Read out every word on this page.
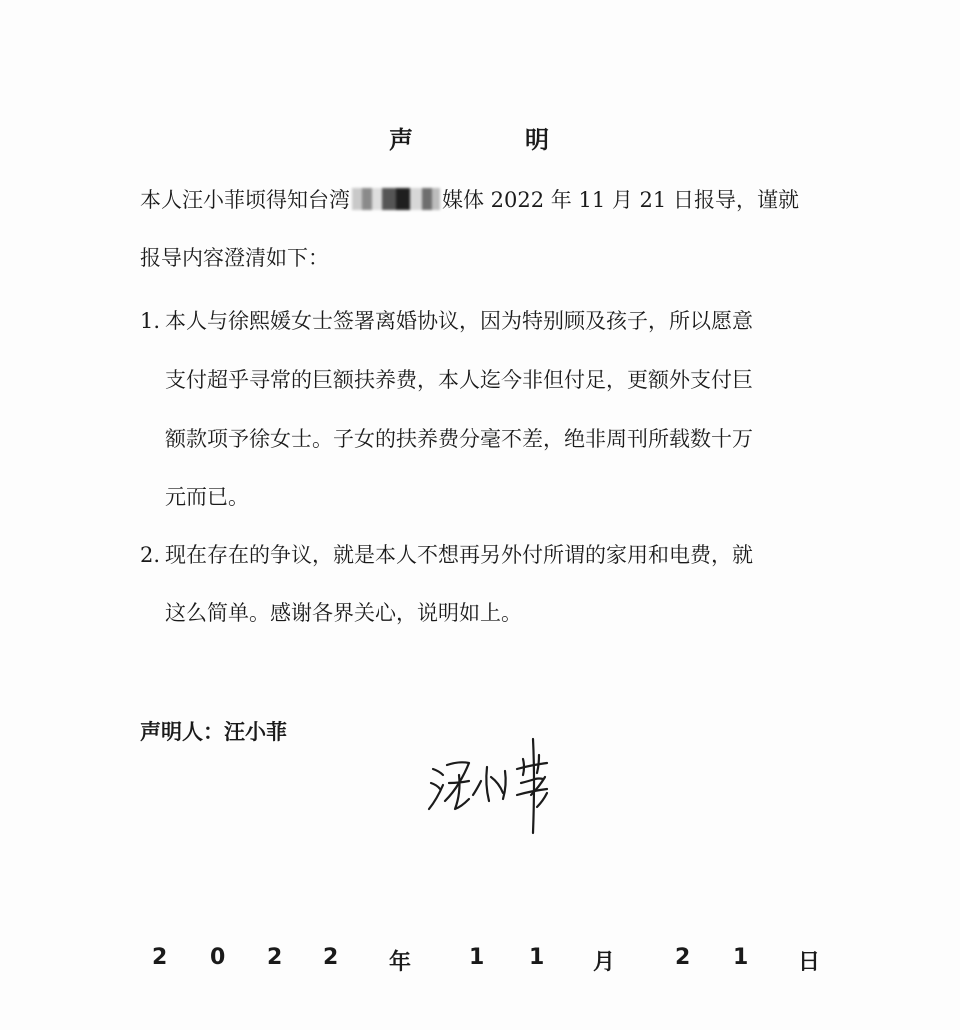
声　明
本人汪小菲顷得知台湾	媒体 2022 年 11 月 21 日报导，谨就
报导内容澄清如下：
1. 本人与徐熙媛女士签署离婚协议，因为特别顾及孩子，所以愿意
支付超乎寻常的巨额扶养费，本人迄今非但付足，更额外支付巨
额款项予徐女士。子女的扶养费分毫不差，绝非周刊所载数十万
元而已。
2. 现在存在的争议，就是本人不想再另外付所谓的家用和电费，就
这么简单。感谢各界关心，说明如上。
声明人：汪小菲
2 0 2 2 年	1 1 月	2 1 日
